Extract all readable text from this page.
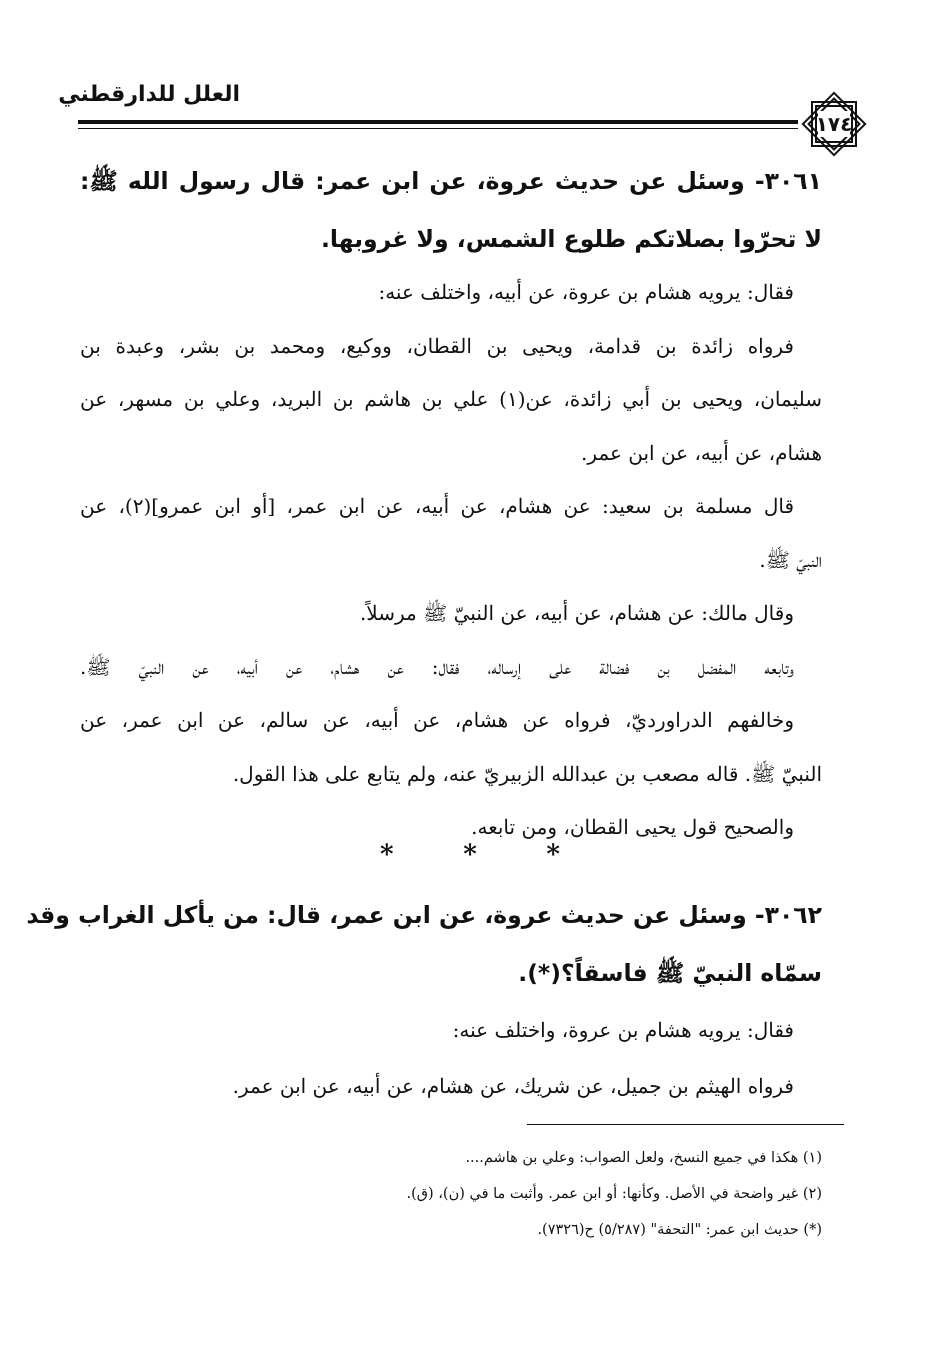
العلل للدارقطني
١٧٤
٣٠٦١- وسئل عن حديث عروة، عن ابن عمر: قال رسول الله ﷺ:
لا تحرّوا بصلاتكم طلوع الشمس، ولا غروبها.
فقال: يرويه هشام بن عروة، عن أبيه، واختلف عنه:
فرواه زائدة بن قدامة، ويحيى بن القطان، ووكيع، ومحمد بن بشر، وعبدة بن
سليمان، ويحيى بن أبي زائدة، عن(١) علي بن هاشم بن البريد، وعلي بن مسهر، عن
هشام، عن أبيه، عن ابن عمر.
قال مسلمة بن سعيد: عن هشام، عن أبيه، عن ابن عمر، [أو ابن عمرو](٢)، عن
النبيّ ﷺ.
وقال مالك: عن هشام، عن أبيه، عن النبيّ ﷺ مرسلاً.
وتابعه المفضل بن فضالة على إرساله، فقال: عن هشام، عن أبيه، عن النبيّ ﷺ.
وخالفهم الدراورديّ، فرواه عن هشام، عن أبيه، عن سالم، عن ابن عمر، عن
النبيّ ﷺ. قاله مصعب بن عبدالله الزبيريّ عنه، ولم يتابع على هذا القول.
والصحيح قول يحيى القطان، ومن تابعه.
*	*	*
٣٠٦٢- وسئل عن حديث عروة، عن ابن عمر، قال: من يأكل الغراب وقد
سمّاه النبيّ ﷺ فاسقاً؟(*).
فقال: يرويه هشام بن عروة، واختلف عنه:
فرواه الهيثم بن جميل، عن شريك، عن هشام، عن أبيه، عن ابن عمر.
(١) هكذا في جميع النسخ، ولعل الصواب: وعلي بن هاشم....
(٢) غير واضحة في الأصل. وكأنها: أو ابن عمر. وأثبت ما في (ن)، (ق).
(*) حديث ابن عمر: "التحفة" (٥/٢٨٧) ح(٧٣٢٦).
